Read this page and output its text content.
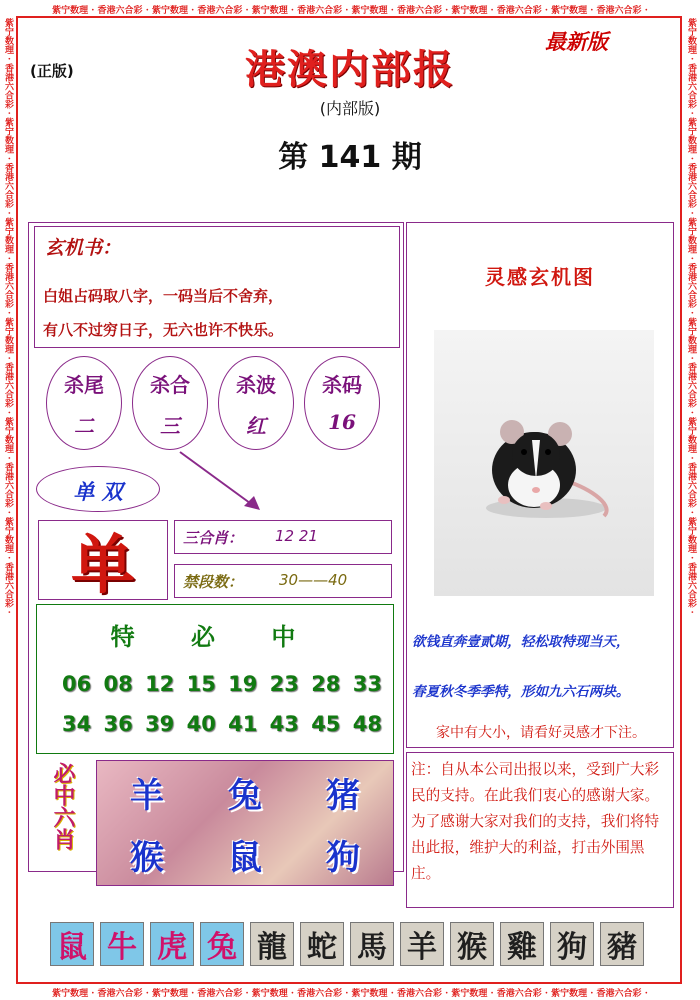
紫宁数理 · 香港六合彩 · 紫宁数理 · 香港六合彩 · 紫宁数理 · 香港六合彩 · 紫宁数理 · 香港六合彩 · 紫宁数理 · 香港六合彩 · 紫宁数理 · 香港六合彩 ·
紫宁数理 · 香港六合彩 · 紫宁数理 · 香港六合彩 · 紫宁数理 · 香港六合彩 · 紫宁数理 · 香港六合彩 · 紫宁数理 · 香港六合彩 · 紫宁数理 · 香港六合彩 ·
紫宁数理 · 香港六合彩 · 紫宁数理 · 香港六合彩 · 紫宁数理 · 香港六合彩 · 紫宁数理 · 香港六合彩 · 紫宁数理 · 香港六合彩 · 紫宁数理 · 香港六合彩 ·	紫宁数理 · 香港六合彩 · 紫宁数理 · 香港六合彩 · 紫宁数理 · 香港六合彩 · 紫宁数理 · 香港六合彩 · 紫宁数理 · 香港六合彩 · 紫宁数理 · 香港六合彩 ·
(正版)	港澳内部报
最新版
(内部版)
第 141 期
玄机书：
白姐占码取八字，一码当后不舍弃，
有八不过穷日子，无六也许不快乐。
杀尾
二
杀合
三
杀波
红
杀码
16
单 双
单	三合肖： 12 21
禁段数： 30——40
特 必 中
06 08 12 15 19 23 28 33
34 36 39 40 41 43 45 48
必中六肖	羊	兔	猪
猴	鼠	狗
灵感玄机图
欲钱直奔壹贰期，轻松取特现当天，
春夏秋冬季季特，形如九六石两块。
家中有大小，请看好灵感才下注。
注：自从本公司出报以来，受到广大彩民的支持。在此我们衷心的感谢大家。为了感谢大家对我们的支持，我们将特出此报，维护大的利益，打击外围黑庄。
鼠 牛 虎 兔 龍 蛇 馬 羊 猴 雞 狗 豬
